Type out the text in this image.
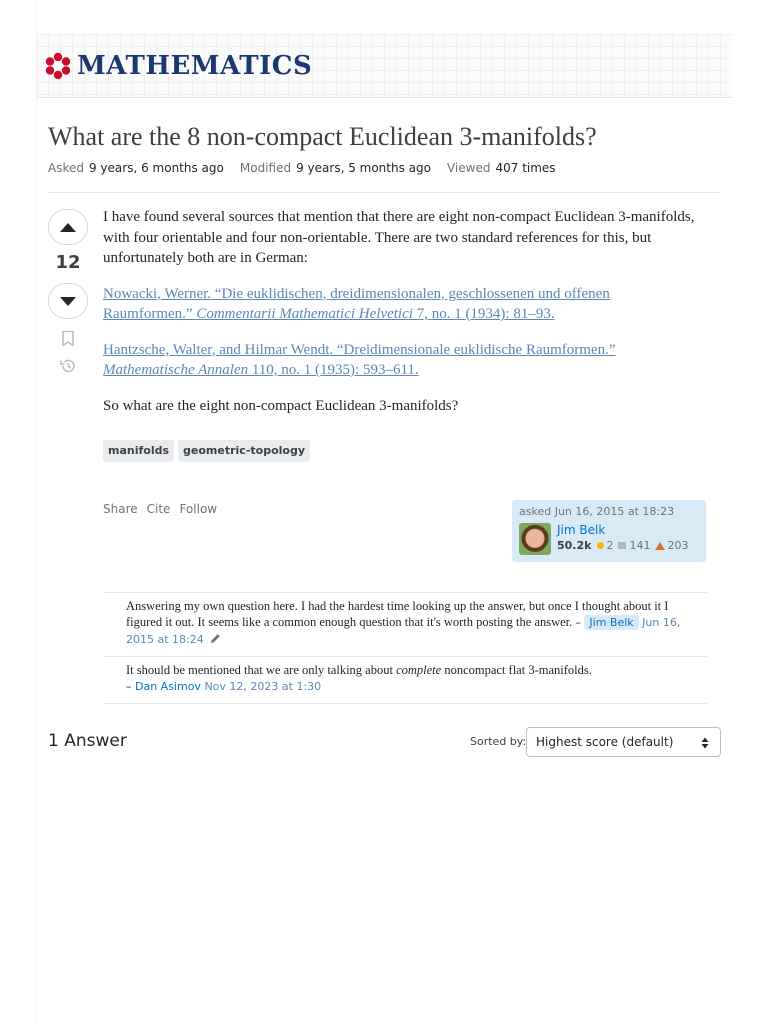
MATHEMATICS
What are the 8 non-compact Euclidean 3-manifolds?
Asked 9 years, 6 months ago Modified 9 years, 5 months ago Viewed 407 times
12

I have found several sources that mention that there are eight non-compact Euclidean 3-manifolds, with four orientable and four non-orientable. There are two standard references for this, but unfortunately both are in German:

Nowacki, Werner. “Die euklidischen, dreidimensionalen, geschlossenen und offenen Raumformen.” Commentarii Mathematici Helvetici 7, no. 1 (1934): 81–93.

Hantzsche, Walter, and Hilmar Wendt. “Dreidimensionale euklidische Raumformen.” Mathematische Annalen 110, no. 1 (1935): 593–611.

So what are the eight non-compact Euclidean 3-manifolds?

manifolds	geometric-topology
Share Cite Follow	asked Jun 16, 2015 at 18:23
Jim Belk
50.2k 2 141 203
Answering my own question here. I had the hardest time looking up the answer, but once I thought about it I figured it out. It seems like a common enough question that it's worth posting the answer. – Jim Belk Jun 16, 2015 at 18:24
It should be mentioned that we are only talking about complete noncompact flat 3-manifolds.
– Dan Asimov Nov 12, 2023 at 1:30
1 Answer	Sorted by: Highest score (default)
